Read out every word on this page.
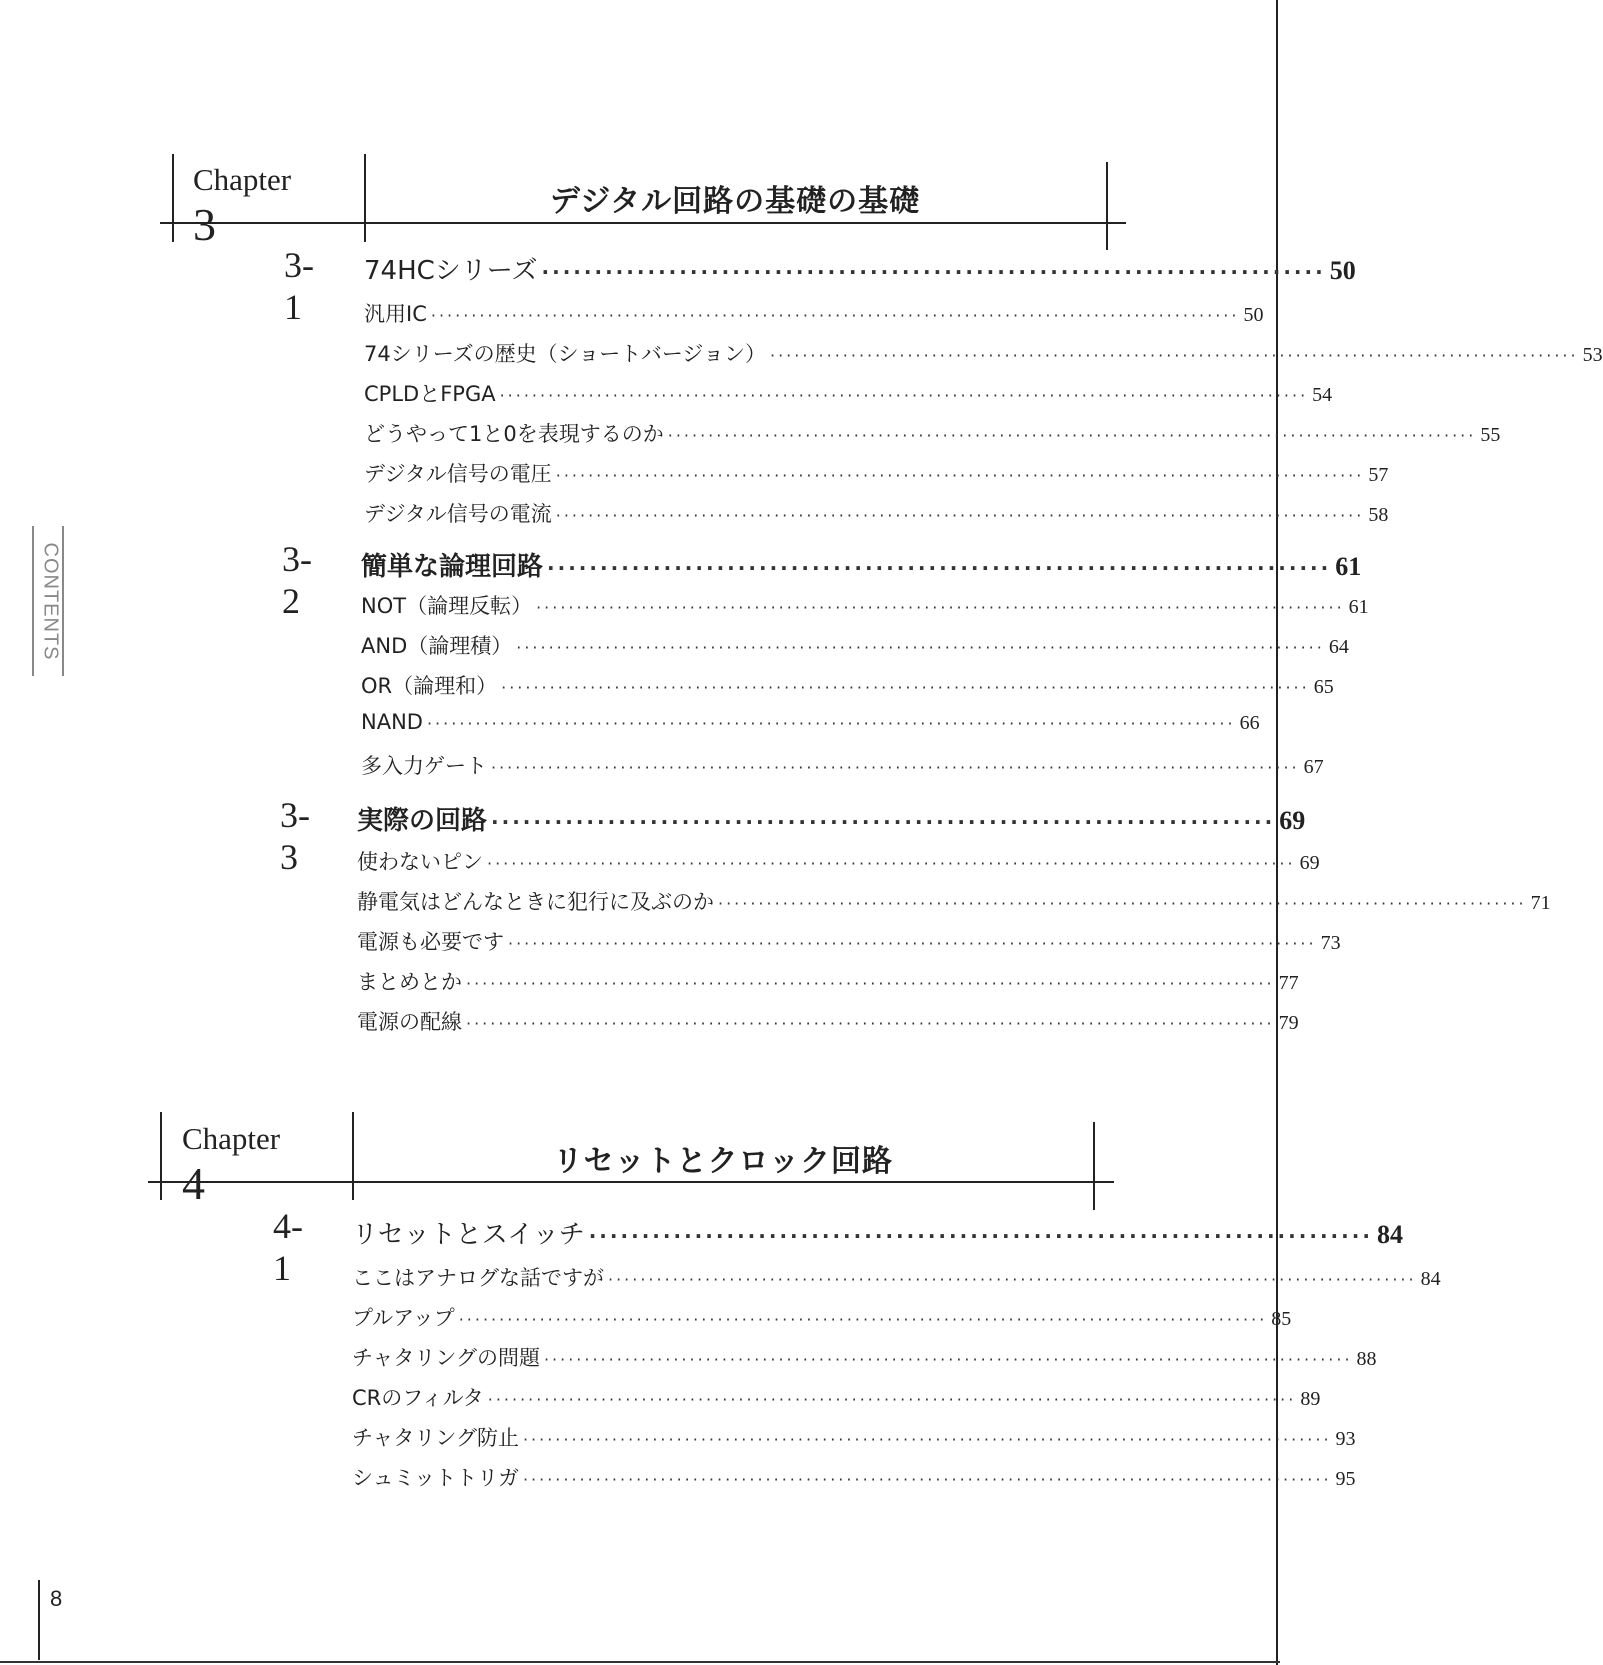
CONTENTS
Chapter 3	デジタル回路の基礎の基礎
3-1
74HCシリーズ ·········································································· 50
汎用IC ···································································································· 50
74シリーズの歴史（ショートバージョン） ···································································································· 53
CPLDとFPGA ···································································································· 54
どうやって1と0を表現するのか ···································································································· 55
デジタル信号の電圧 ···································································································· 57
デジタル信号の電流 ···································································································· 58
3-2
簡単な論理回路 ·········································································· 61
NOT（論理反転） ···································································································· 61
AND（論理積） ···································································································· 64
OR（論理和） ···································································································· 65
NAND ···································································································· 66
多入力ゲート ···································································································· 67
3-3
実際の回路 ·········································································· 69
使わないピン ···································································································· 69
静電気はどんなときに犯行に及ぶのか ···································································································· 71
電源も必要です ···································································································· 73
まとめとか ···································································································· 77
電源の配線 ···································································································· 79
Chapter 4	リセットとクロック回路
4-1
リセットとスイッチ ·········································································· 84
ここはアナログな話ですが ···································································································· 84
プルアップ ···································································································· 85
チャタリングの問題 ···································································································· 88
CRのフィルタ ···································································································· 89
チャタリング防止 ···································································································· 93
シュミットトリガ ···································································································· 95
8
